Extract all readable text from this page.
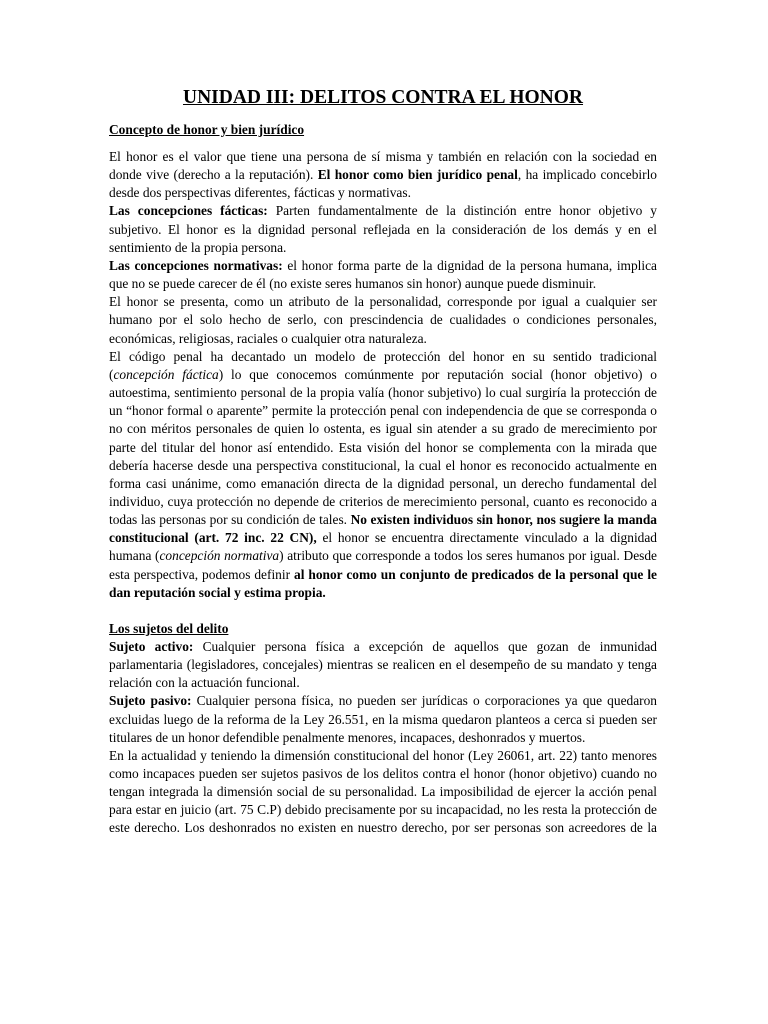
UNIDAD III: DELITOS CONTRA EL HONOR
Concepto de honor y bien jurídico

El honor es el valor que tiene una persona de sí misma y también en relación con la sociedad en donde vive (derecho a la reputación). El honor como bien jurídico penal, ha implicado concebirlo desde dos perspectivas diferentes, fácticas y normativas.

Las concepciones fácticas: Parten fundamentalmente de la distinción entre honor objetivo y subjetivo. El honor es la dignidad personal reflejada en la consideración de los demás y en el sentimiento de la propia persona.

Las concepciones normativas: el honor forma parte de la dignidad de la persona humana, implica que no se puede carecer de él (no existe seres humanos sin honor) aunque puede disminuir.

El honor se presenta, como un atributo de la personalidad, corresponde por igual a cualquier ser humano por el solo hecho de serlo, con prescindencia de cualidades o condiciones personales, económicas, religiosas, raciales o cualquier otra naturaleza.

El código penal ha decantado un modelo de protección del honor en su sentido tradicional (concepción fáctica) lo que conocemos comúnmente por reputación social (honor objetivo) o autoestima, sentimiento personal de la propia valía (honor subjetivo) lo cual surgiría la protección de un “honor formal o aparente” permite la protección penal con independencia de que se corresponda o no con méritos personales de quien lo ostenta, es igual sin atender a su grado de merecimiento por parte del titular del honor así entendido. Esta visión del honor se complementa con la mirada que debería hacerse desde una perspectiva constitucional, la cual el honor es reconocido actualmente en forma casi unánime, como emanación directa de la dignidad personal, un derecho fundamental del individuo, cuya protección no depende de criterios de merecimiento personal, cuanto es reconocido a todas las personas por su condición de tales. No existen individuos sin honor, nos sugiere la manda constitucional (art. 72 inc. 22 CN), el honor se encuentra directamente vinculado a la dignidad humana (concepción normativa) atributo que corresponde a todos los seres humanos por igual. Desde esta perspectiva, podemos definir al honor como un conjunto de predicados de la personal que le dan reputación social y estima propia.

Los sujetos del delito

Sujeto activo: Cualquier persona física a excepción de aquellos que gozan de inmunidad parlamentaria (legisladores, concejales) mientras se realicen en el desempeño de su mandato y tenga relación con la actuación funcional.

Sujeto pasivo: Cualquier persona física, no pueden ser jurídicas o corporaciones ya que quedaron excluidas luego de la reforma de la Ley 26.551, en la misma quedaron planteos a cerca si pueden ser titulares de un honor defendible penalmente menores, incapaces, deshonrados y muertos.

En la actualidad y teniendo la dimensión constitucional del honor (Ley 26061, art. 22) tanto menores como incapaces pueden ser sujetos pasivos de los delitos contra el honor (honor objetivo) cuando no tengan integrada la dimensión social de su personalidad. La imposibilidad de ejercer la acción penal para estar en juicio (art. 75 C.P) debido precisamente por su incapacidad, no les resta la protección de este derecho. Los deshonrados no existen en nuestro derecho, por ser personas son acreedores de la
